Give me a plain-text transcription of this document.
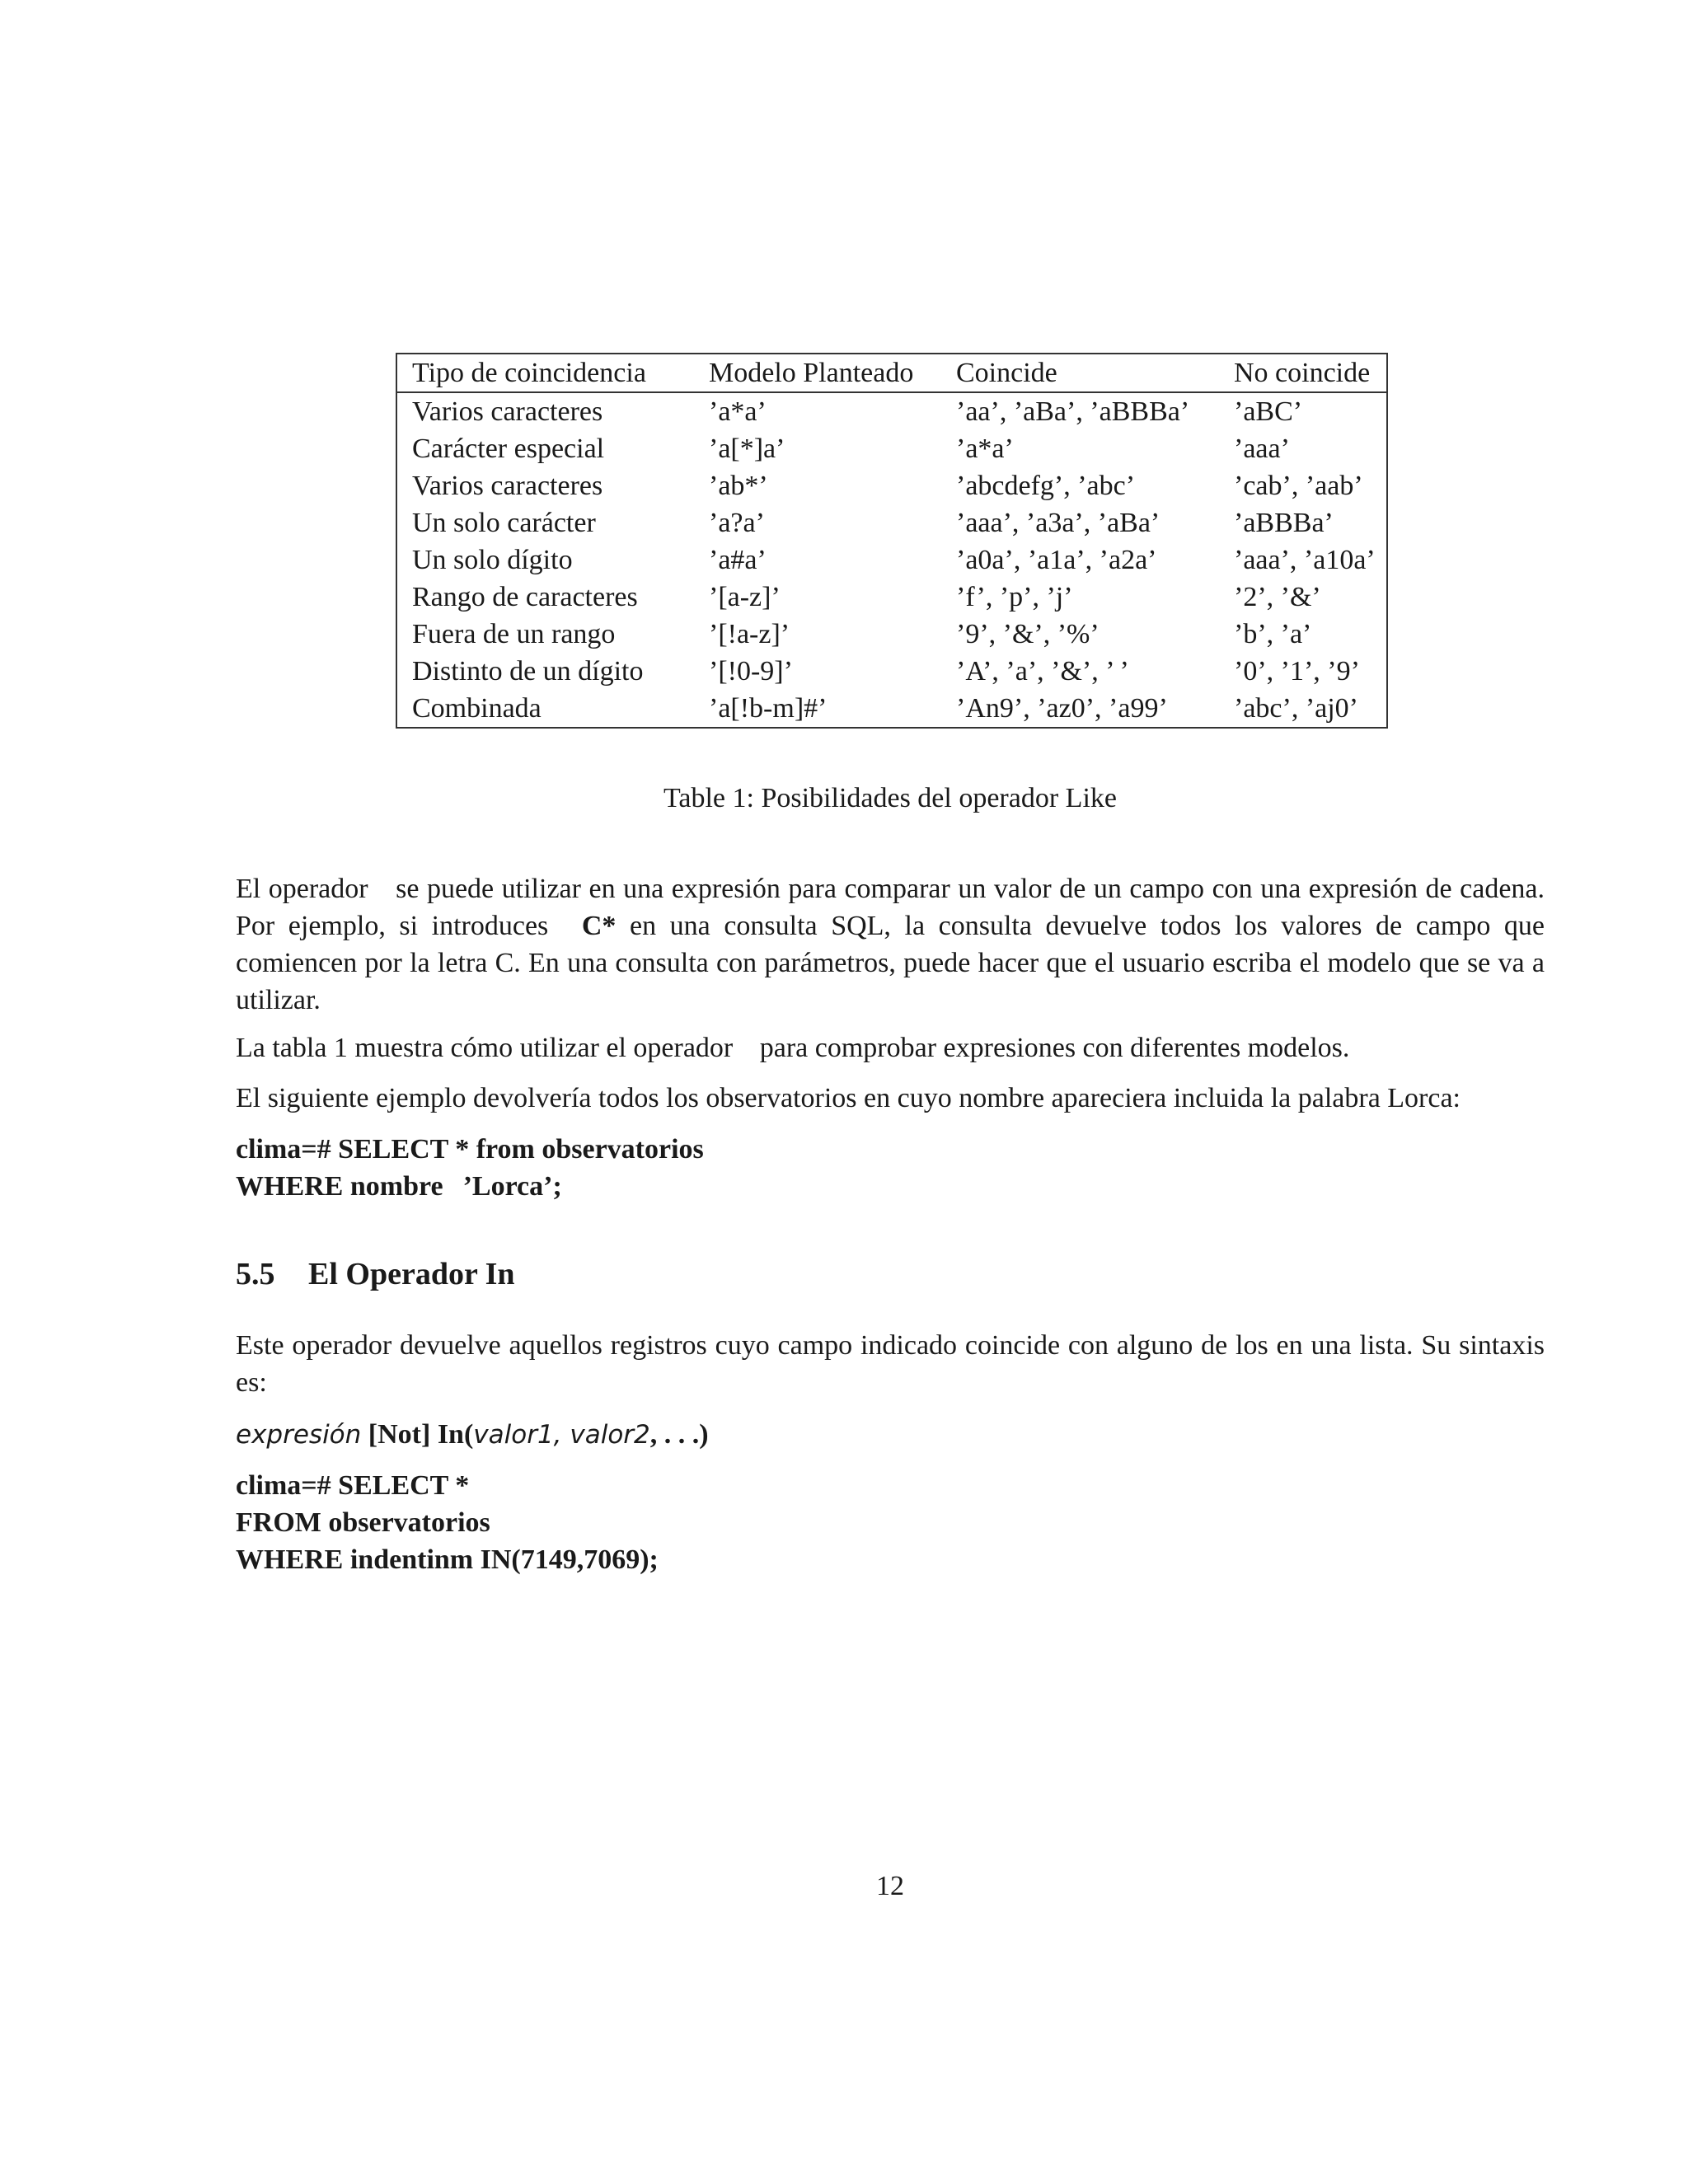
Tipo de coincidencia	Modelo Planteado	Coincide	No coincide
Varios caracteres	’a*a’	’aa’, ’aBa’, ’aBBBa’	’aBC’
Carácter especial	’a[*]a’	’a*a’	’aaa’
Varios caracteres	’ab*’	’abcdefg’, ’abc’	’cab’, ’aab’
Un solo carácter	’a?a’	’aaa’, ’a3a’, ’aBa’	’aBBBa’
Un solo dígito	’a#a’	’a0a’, ’a1a’, ’a2a’	’aaa’, ’a10a’
Rango de caracteres	’[a-z]’	’f’, ’p’, ’j’	’2’, ’&’
Fuera de un rango	’[!a-z]’	’9’, ’&’, ’%’	’b’, ’a’
Distinto de un dígito	’[!0-9]’	’A’, ’a’, ’&’, ’ ’	’0’, ’1’, ’9’
Combinada	’a[!b-m]#’	’An9’, ’az0’, ’a99’	’abc’, ’aj0’
Table 1: Posibilidades del operador Like
El operador se puede utilizar en una expresión para comparar un valor de un campo con una expresión de cadena. Por ejemplo, si introduces C* en una consulta SQL, la consulta devuelve todos los valores de campo que comiencen por la letra C. En una consulta con parámetros, puede hacer que el usuario escriba el modelo que se va a utilizar.
La tabla 1 muestra cómo utilizar el operador para comprobar expresiones con diferentes modelos.
El siguiente ejemplo devolvería todos los observatorios en cuyo nombre apareciera incluida la palabra Lorca:
clima=# SELECT * from observatorios
WHERE nombre ’Lorca’;
5.5 El Operador In
Este operador devuelve aquellos registros cuyo campo indicado coincide con alguno de los en una lista. Su sintaxis es:
expresión [Not] In(valor1, valor2, . . .)
clima=# SELECT *
FROM observatorios
WHERE indentinm IN(7149,7069);
12
